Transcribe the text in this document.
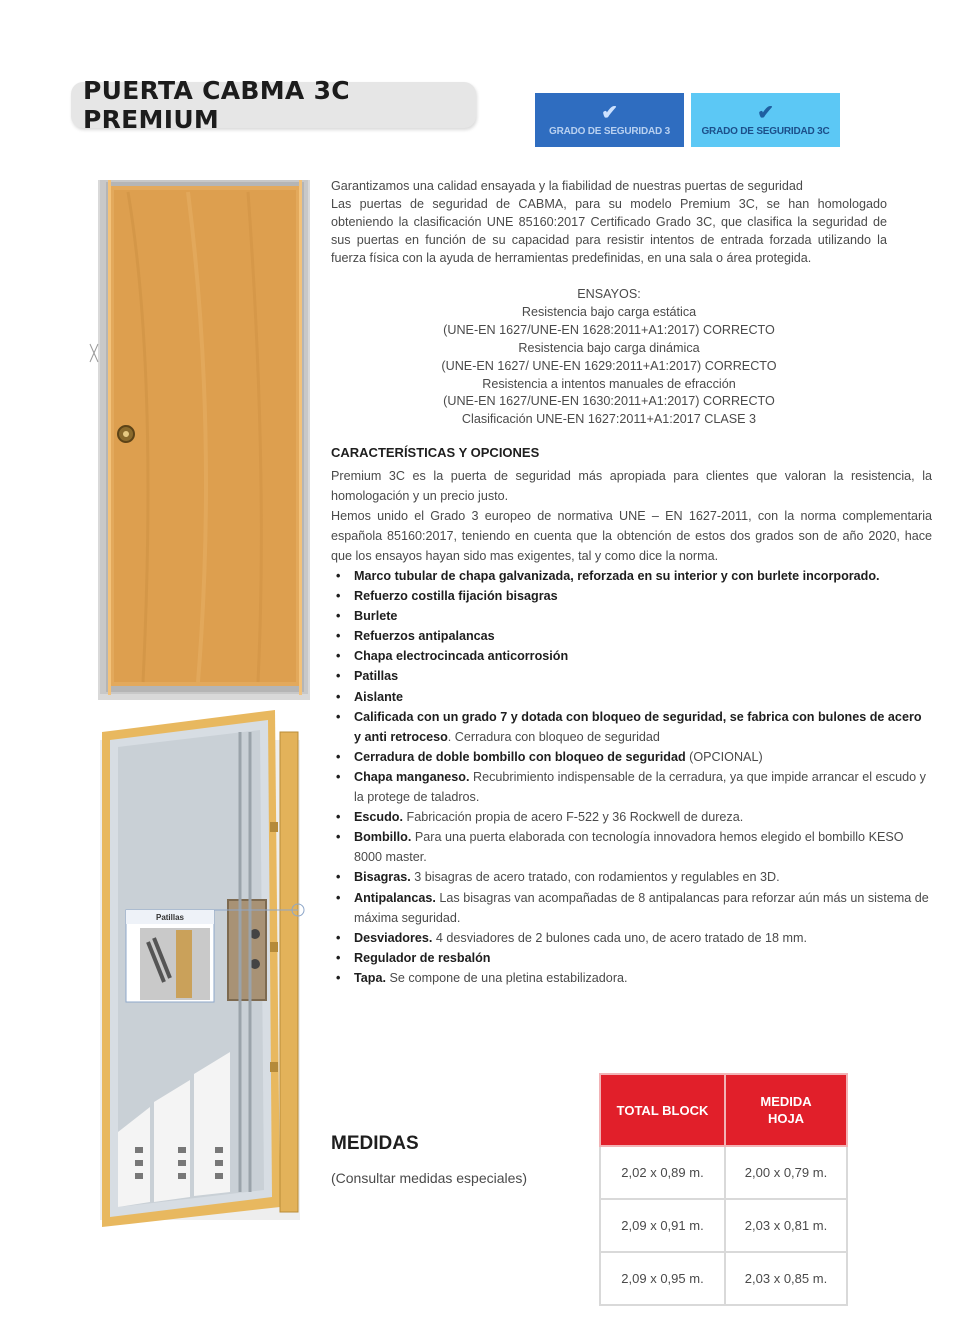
PUERTA CABMA 3C PREMIUM	✔
GRADO DE SEGURIDAD 3
✔
GRADO DE SEGURIDAD 3C
Patillas

Garantizamos una calidad ensayada y la fiabilidad de nuestras puertas de seguridad

Las puertas de seguridad de CABMA, para su modelo Premium 3C, se han homologado obteniendo la clasificación UNE 85160:2017 Certificado Grado 3C, que clasifica la seguridad de sus puertas en función de su capacidad para resistir intentos de entrada forzada utilizando la fuerza física con la ayuda de herramientas predefinidas, en una sala o área protegida.

ENSAYOS:
Resistencia bajo carga estática
(UNE-EN 1627/UNE-EN 1628:2011+A1:2017) CORRECTO
Resistencia bajo carga dinámica
(UNE-EN 1627/ UNE-EN 1629:2011+A1:2017) CORRECTO
Resistencia a intentos manuales de efracción
(UNE-EN 1627/UNE-EN 1630:2011+A1:2017) CORRECTO
Clasificación UNE-EN 1627:2011+A1:2017 CLASE 3
CARACTERÍSTICAS Y OPCIONES

Premium 3C es la puerta de seguridad más apropiada para clientes que valoran la resistencia, la homologación y un precio justo.

Hemos unido el Grado 3 europeo de normativa UNE – EN 1627-2011, con la norma complementaria española 85160:2017, teniendo en cuenta que la obtención de estos dos grados son de año 2020, hace que los ensayos hayan sido mas exigentes, tal y como dice la norma.

• Marco tubular de chapa galvanizada, reforzada en su interior y con burlete incorporado.
• Refuerzo costilla fijación bisagras
• Burlete
• Refuerzos antipalancas
• Chapa electrocincada anticorrosión
• Patillas
• Aislante
• Calificada con un grado 7 y dotada con bloqueo de seguridad, se fabrica con bulones de acero y anti retroceso. Cerradura con bloqueo de seguridad
• Cerradura de doble bombillo con bloqueo de seguridad (OPCIONAL)
• Chapa manganeso. Recubrimiento indispensable de la cerradura, ya que impide arrancar el escudo y la protege de taladros.
• Escudo. Fabricación propia de acero F-522 y 36 Rockwell de dureza.
• Bombillo. Para una puerta elaborada con tecnología innovadora hemos elegido el bombillo KESO 8000 master.
• Bisagras. 3 bisagras de acero tratado, con rodamientos y regulables en 3D.
• Antipalancas. Las bisagras van acompañadas de 8 antipalancas para reforzar aún más un sistema de máxima seguridad.
• Desviadores. 4 desviadores de 2 bulones cada uno, de acero tratado de 18 mm.
• Regulador de resbalón
• Tapa. Se compone de una pletina estabilizadora.
MEDIDAS
(Consultar medidas especiales)
TOTAL BLOCK	MEDIDA HOJA
2,02 x 0,89 m.	2,00 x 0,79 m.
2,09 x 0,91 m.	2,03 x 0,81 m.
2,09 x 0,95 m.	2,03 x 0,85 m.
